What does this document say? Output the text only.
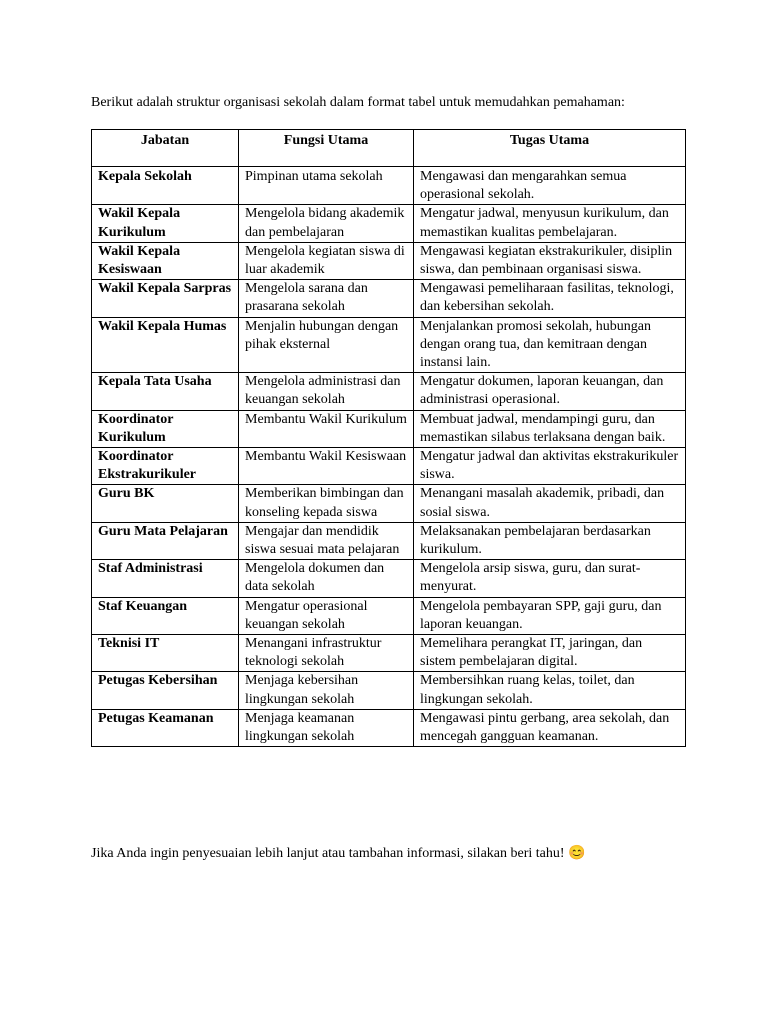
Berikut adalah struktur organisasi sekolah dalam format tabel untuk memudahkan pemahaman:

Jabatan	Fungsi Utama	Tugas Utama
Kepala Sekolah	Pimpinan utama sekolah	Mengawasi dan mengarahkan semua operasional sekolah.
Wakil Kepala Kurikulum	Mengelola bidang akademik dan pembelajaran	Mengatur jadwal, menyusun kurikulum, dan memastikan kualitas pembelajaran.
Wakil Kepala Kesiswaan	Mengelola kegiatan siswa di luar akademik	Mengawasi kegiatan ekstrakurikuler, disiplin siswa, dan pembinaan organisasi siswa.
Wakil Kepala Sarpras	Mengelola sarana dan prasarana sekolah	Mengawasi pemeliharaan fasilitas, teknologi, dan kebersihan sekolah.
Wakil Kepala Humas	Menjalin hubungan dengan pihak eksternal	Menjalankan promosi sekolah, hubungan dengan orang tua, dan kemitraan dengan instansi lain.
Kepala Tata Usaha	Mengelola administrasi dan keuangan sekolah	Mengatur dokumen, laporan keuangan, dan administrasi operasional.
Koordinator Kurikulum	Membantu Wakil Kurikulum	Membuat jadwal, mendampingi guru, dan memastikan silabus terlaksana dengan baik.
Koordinator Ekstrakurikuler	Membantu Wakil Kesiswaan	Mengatur jadwal dan aktivitas ekstrakurikuler siswa.
Guru BK	Memberikan bimbingan dan konseling kepada siswa	Menangani masalah akademik, pribadi, dan sosial siswa.
Guru Mata Pelajaran	Mengajar dan mendidik siswa sesuai mata pelajaran	Melaksanakan pembelajaran berdasarkan kurikulum.
Staf Administrasi	Mengelola dokumen dan data sekolah	Mengelola arsip siswa, guru, dan surat-menyurat.
Staf Keuangan	Mengatur operasional keuangan sekolah	Mengelola pembayaran SPP, gaji guru, dan laporan keuangan.
Teknisi IT	Menangani infrastruktur teknologi sekolah	Memelihara perangkat IT, jaringan, dan sistem pembelajaran digital.
Petugas Kebersihan	Menjaga kebersihan lingkungan sekolah	Membersihkan ruang kelas, toilet, dan lingkungan sekolah.
Petugas Keamanan	Menjaga keamanan lingkungan sekolah	Mengawasi pintu gerbang, area sekolah, dan mencegah gangguan keamanan.

Jika Anda ingin penyesuaian lebih lanjut atau tambahan informasi, silakan beri tahu! 😊
